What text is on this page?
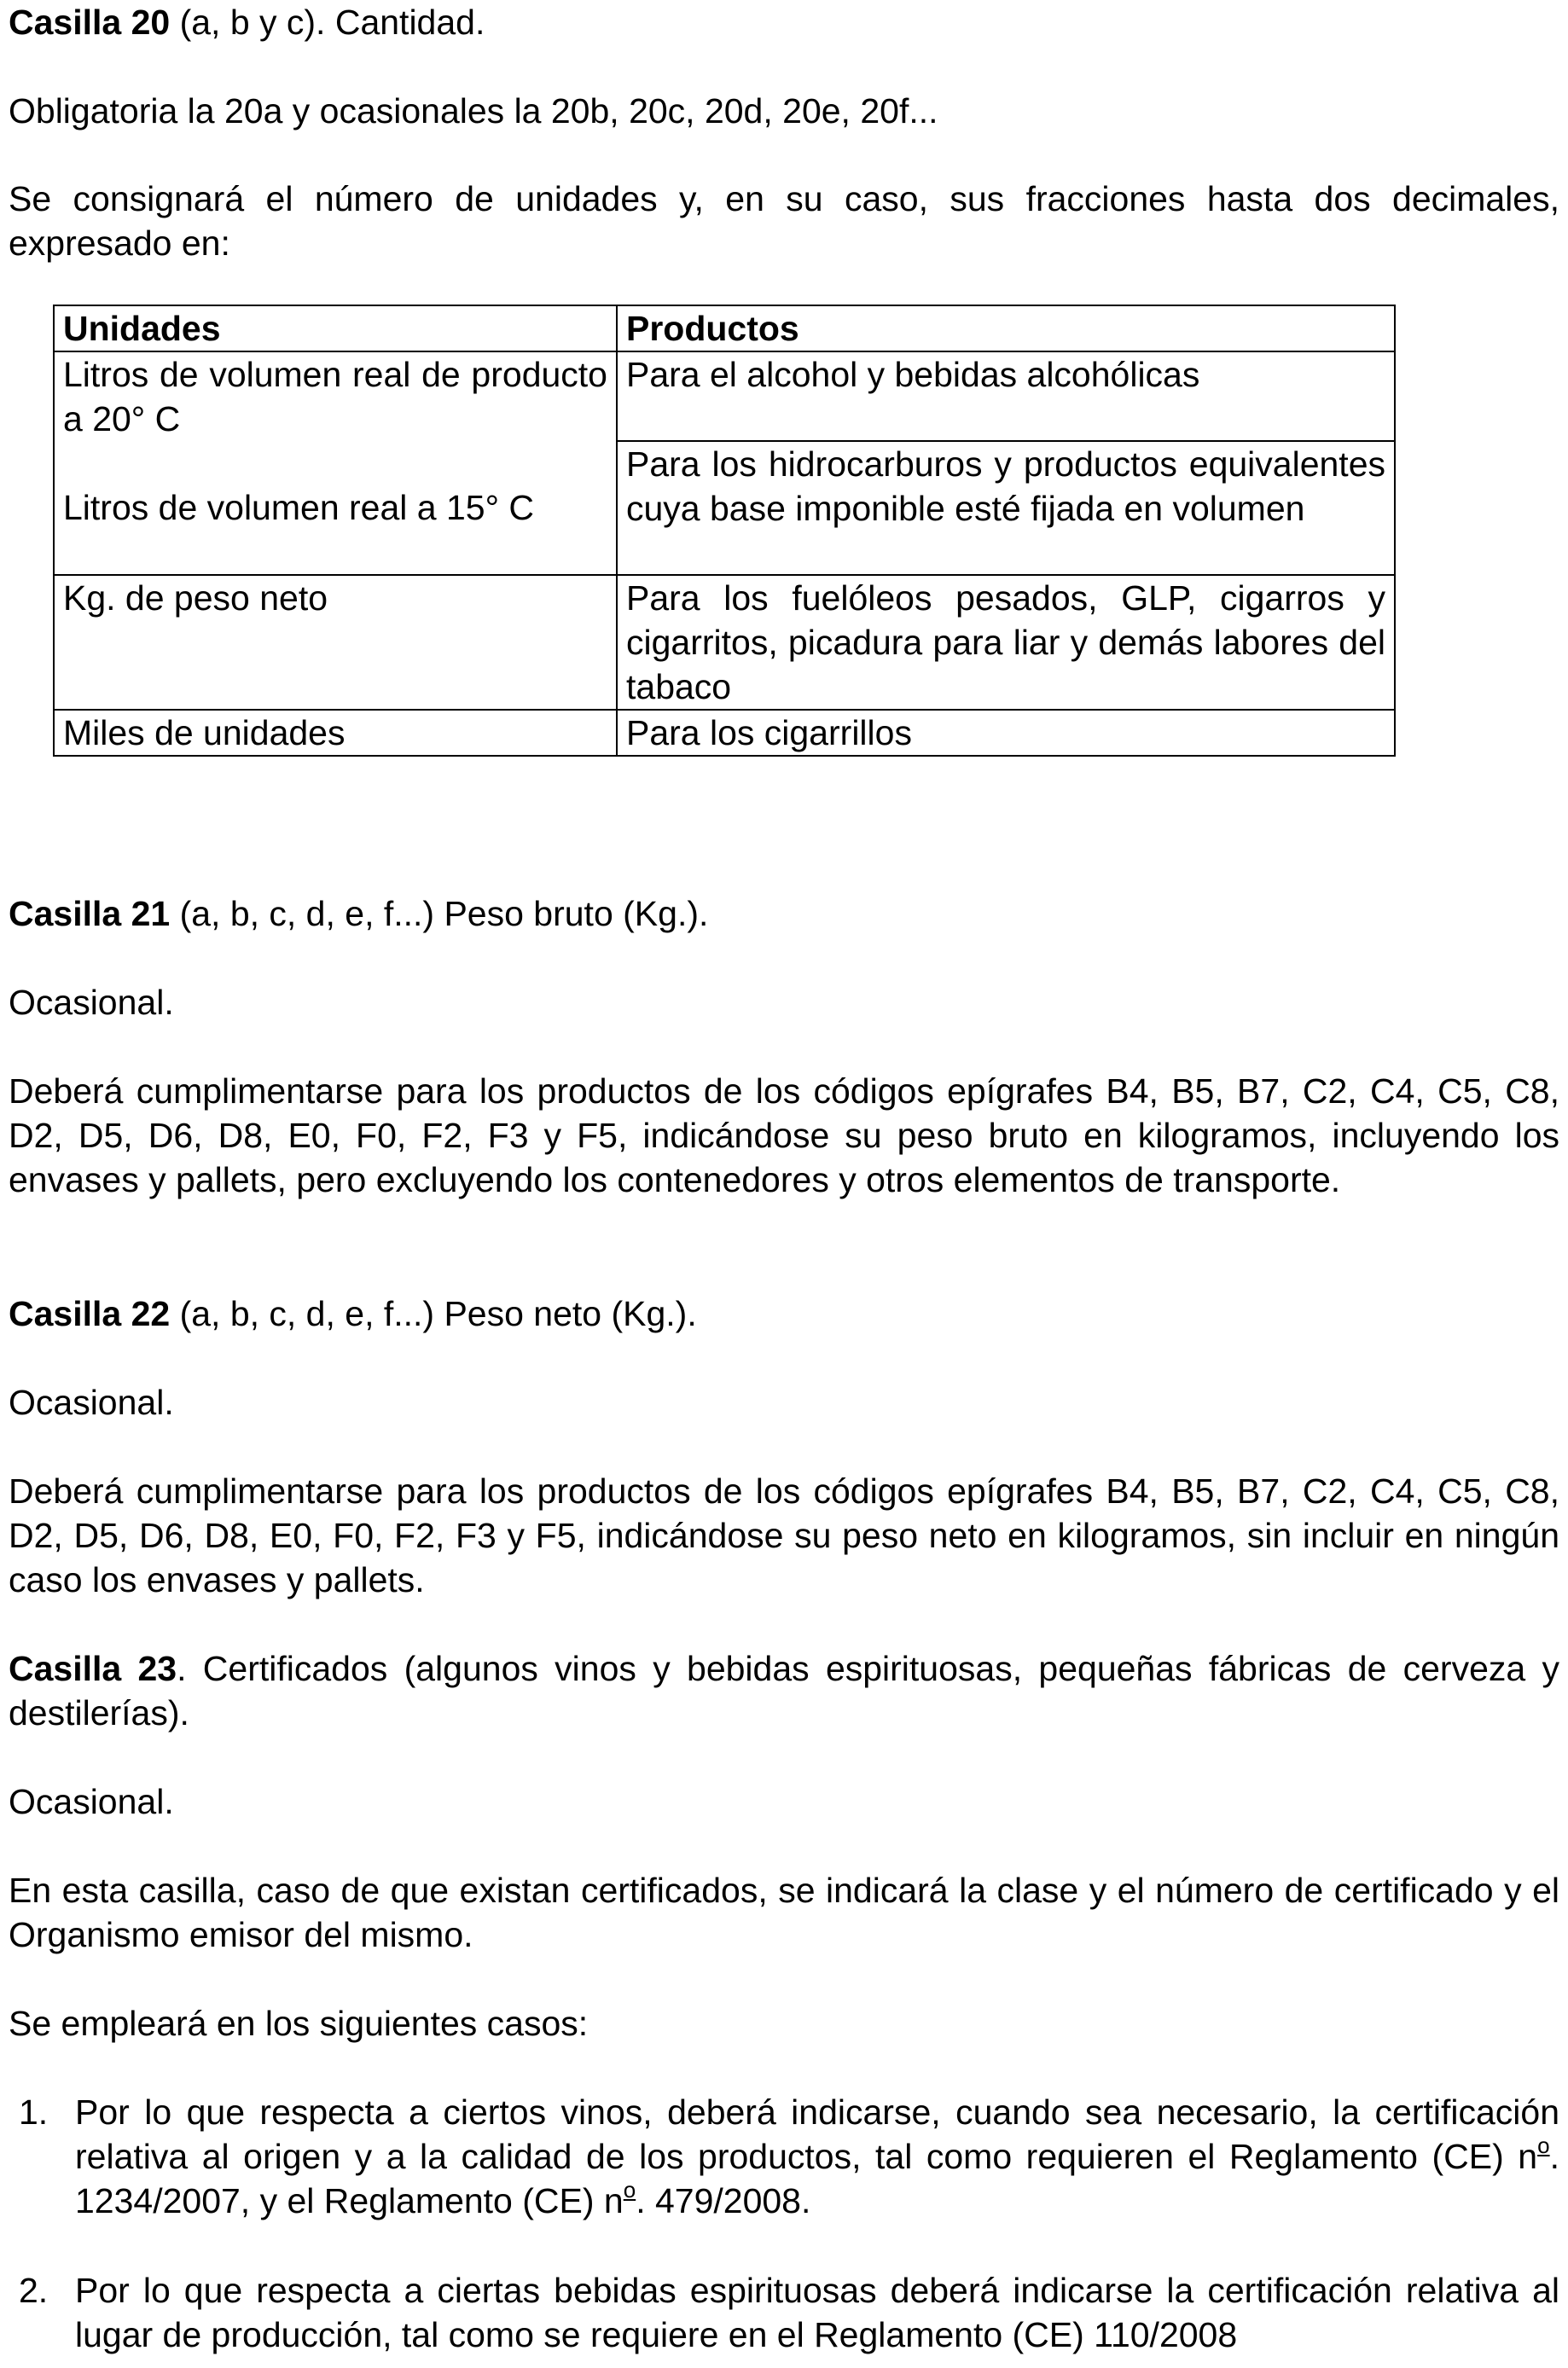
Casilla 20 (a, b y c). Cantidad.

Obligatoria la 20a y ocasionales la 20b, 20c, 20d, 20e, 20f...

Se consignará el número de unidades y, en su caso, sus fracciones hasta dos decimales, expresado en:

Unidades	Productos
Litros de volumen real de producto a 20° C	Para el alcohol y bebidas alcohólicas
Litros de volumen real a 15° C	Para los hidrocarburos y productos equivalentes cuya base imponible esté fijada en volumen
Kg. de peso neto	Para los fuelóleos pesados, GLP, cigarros y cigarritos, picadura para liar y demás labores del tabaco
Miles de unidades	Para los cigarrillos

Casilla 21 (a, b, c, d, e, f...) Peso bruto (Kg.).

Ocasional.

Deberá cumplimentarse para los productos de los códigos epígrafes B4, B5, B7, C2, C4, C5, C8, D2, D5, D6, D8, E0, F0, F2, F3 y F5, indicándose su peso bruto en kilogramos, incluyendo los envases y pallets, pero excluyendo los contenedores y otros elementos de transporte.

Casilla 22 (a, b, c, d, e, f...) Peso neto (Kg.).

Ocasional.

Deberá cumplimentarse para los productos de los códigos epígrafes B4, B5, B7, C2, C4, C5, C8, D2, D5, D6, D8, E0, F0, F2, F3 y F5, indicándose su peso neto en kilogramos, sin incluir en ningún caso los envases y pallets.

Casilla 23. Certificados (algunos vinos y bebidas espirituosas, pequeñas fábricas de cerveza y destilerías).

Ocasional.

En esta casilla, caso de que existan certificados, se indicará la clase y el número de certificado y el Organismo emisor del mismo.

Se empleará en los siguientes casos:

1. Por lo que respecta a ciertos vinos, deberá indicarse, cuando sea necesario, la certificación relativa al origen y a la calidad de los productos, tal como requieren el Reglamento (CE) $n^o$. 1234/2007, y el Reglamento (CE) $n^o$. 479/2008.
2. Por lo que respecta a ciertas bebidas espirituosas deberá indicarse la certificación relativa al lugar de producción, tal como se requiere en el Reglamento (CE) 110/2008
